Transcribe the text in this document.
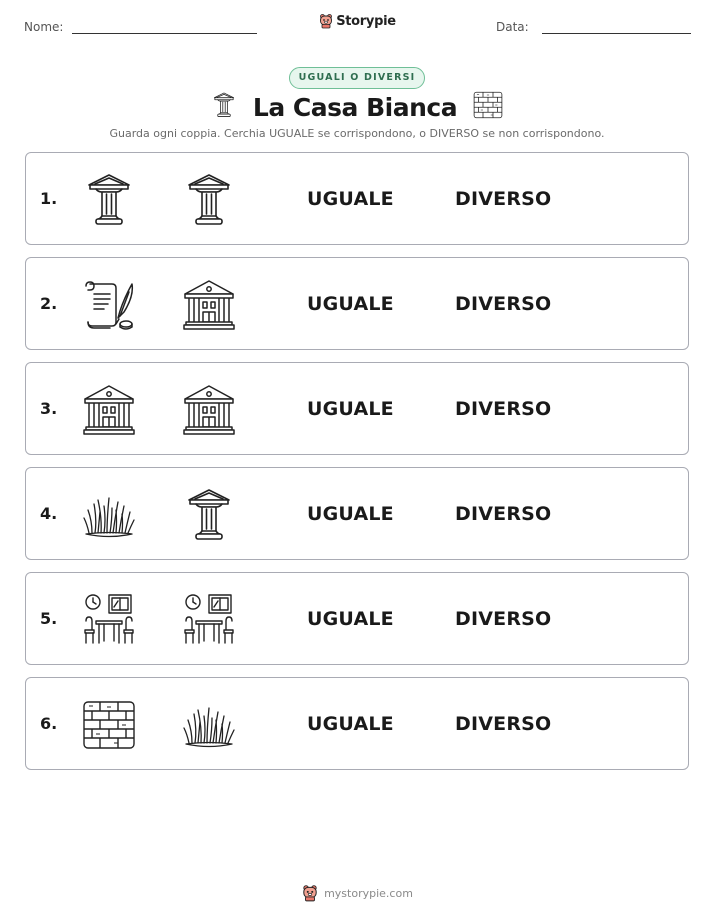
Nome:	Data:
Storypie
UGUALI O DIVERSI
La Casa Bianca
Guarda ogni coppia. Cerchia UGUALE se corrispondono, o DIVERSO se non corrispondono.
1.	UGUALE	DIVERSO
2.	UGUALE	DIVERSO
3.	UGUALE	DIVERSO
4.	UGUALE	DIVERSO
5.	UGUALE	DIVERSO
6.	UGUALE	DIVERSO
mystorypie.com
